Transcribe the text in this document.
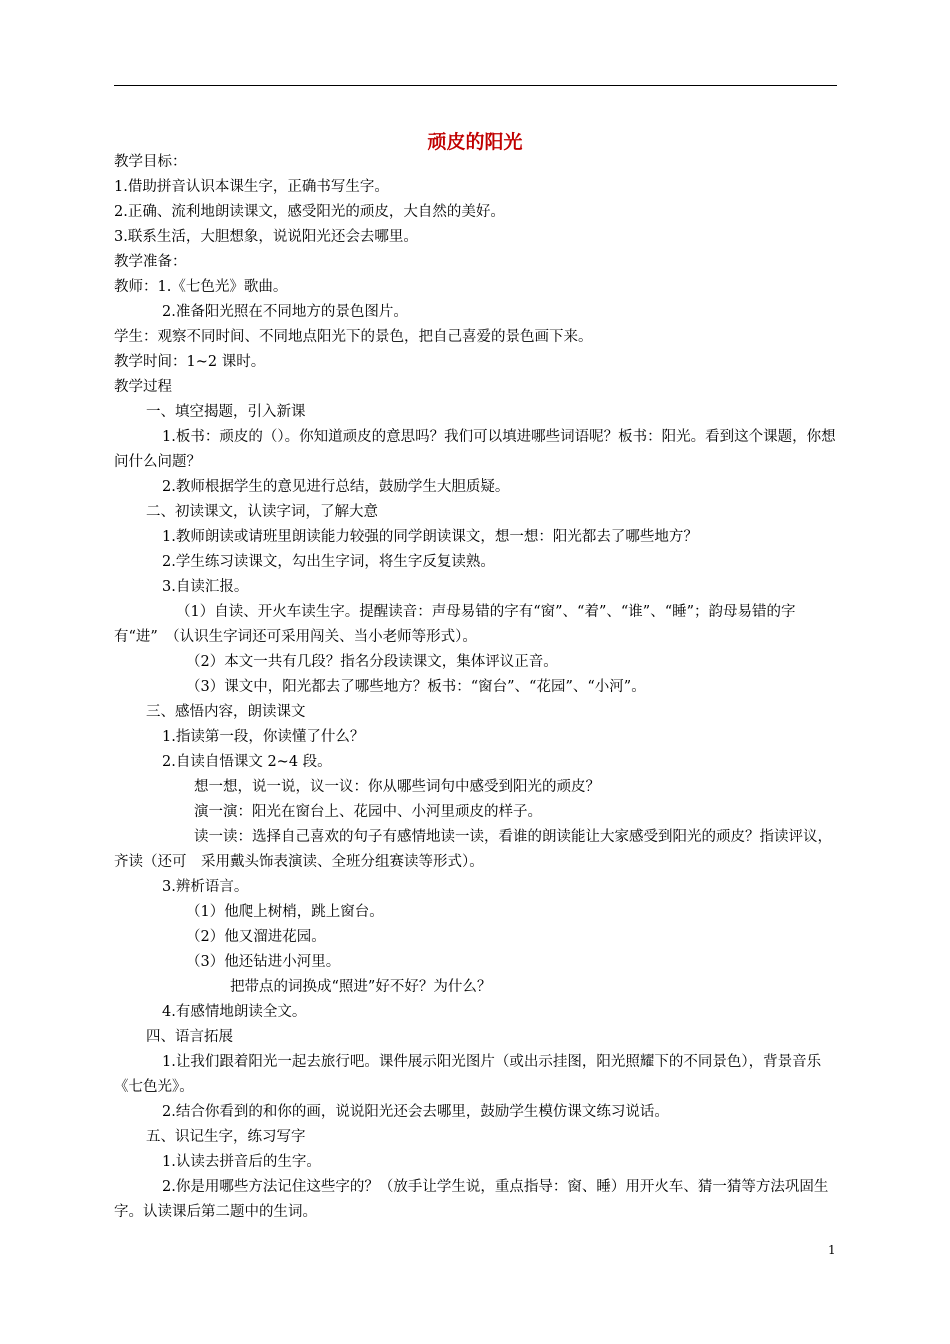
顽皮的阳光

教学目标：

1.借助拼音认识本课生字，正确书写生字。

2.正确、流利地朗读课文，感受阳光的顽皮，大自然的美好。

3.联系生活，大胆想象，说说阳光还会去哪里。

教学准备：

教师：1.《七色光》歌曲。

2.准备阳光照在不同地方的景色图片。

学生：观察不同时间、不同地点阳光下的景色，把自己喜爱的景色画下来。

教学时间：1~2 课时。

教学过程

一、填空揭题，引入新课

1.板书：顽皮的（）。你知道顽皮的意思吗？我们可以填进哪些词语呢？板书：阳光。看到这个课题，你想问什么问题？

2.教师根据学生的意见进行总结，鼓励学生大胆质疑。

二、初读课文，认读字词，了解大意

1.教师朗读或请班里朗读能力较强的同学朗读课文，想一想：阳光都去了哪些地方？

2.学生练习读课文，勾出生字词，将生字反复读熟。

3.自读汇报。

（1）自读、开火车读生字。提醒读音：声母易错的字有“窗”、“着”、“谁”、“睡”；韵母易错的字有“进”　（认识生字词还可采用闯关、当小老师等形式）。

（2）本文一共有几段？指名分段读课文，集体评议正音。

（3）课文中，阳光都去了哪些地方？板书：“窗台”、“花园”、“小河”。

三、感悟内容，朗读课文

1.指读第一段，你读懂了什么？

2.自读自悟课文 2~4 段。

想一想，说一说，议一议：你从哪些词句中感受到阳光的顽皮？

演一演：阳光在窗台上、花园中、小河里顽皮的样子。

读一读：选择自己喜欢的句子有感情地读一读，看谁的朗读能让大家感受到阳光的顽皮？指读评议，齐读（还可　采用戴头饰表演读、全班分组赛读等形式）。

3.辨析语言。

（1）他爬上树梢，跳上窗台。

（2）他又溜进花园。

（3）他还钻进小河里。

把带点的词换成“照进”好不好？为什么？

4.有感情地朗读全文。

四、语言拓展

1.让我们跟着阳光一起去旅行吧。课件展示阳光图片（或出示挂图，阳光照耀下的不同景色），背景音乐《七色光》。

2.结合你看到的和你的画，说说阳光还会去哪里，鼓励学生模仿课文练习说话。

五、识记生字，练习写字

1.认读去拼音后的生字。

2.你是用哪些方法记住这些字的？（放手让学生说，重点指导：窗、睡）用开火车、猜一猜等方法巩固生字。认读课后第二题中的生词。

1
